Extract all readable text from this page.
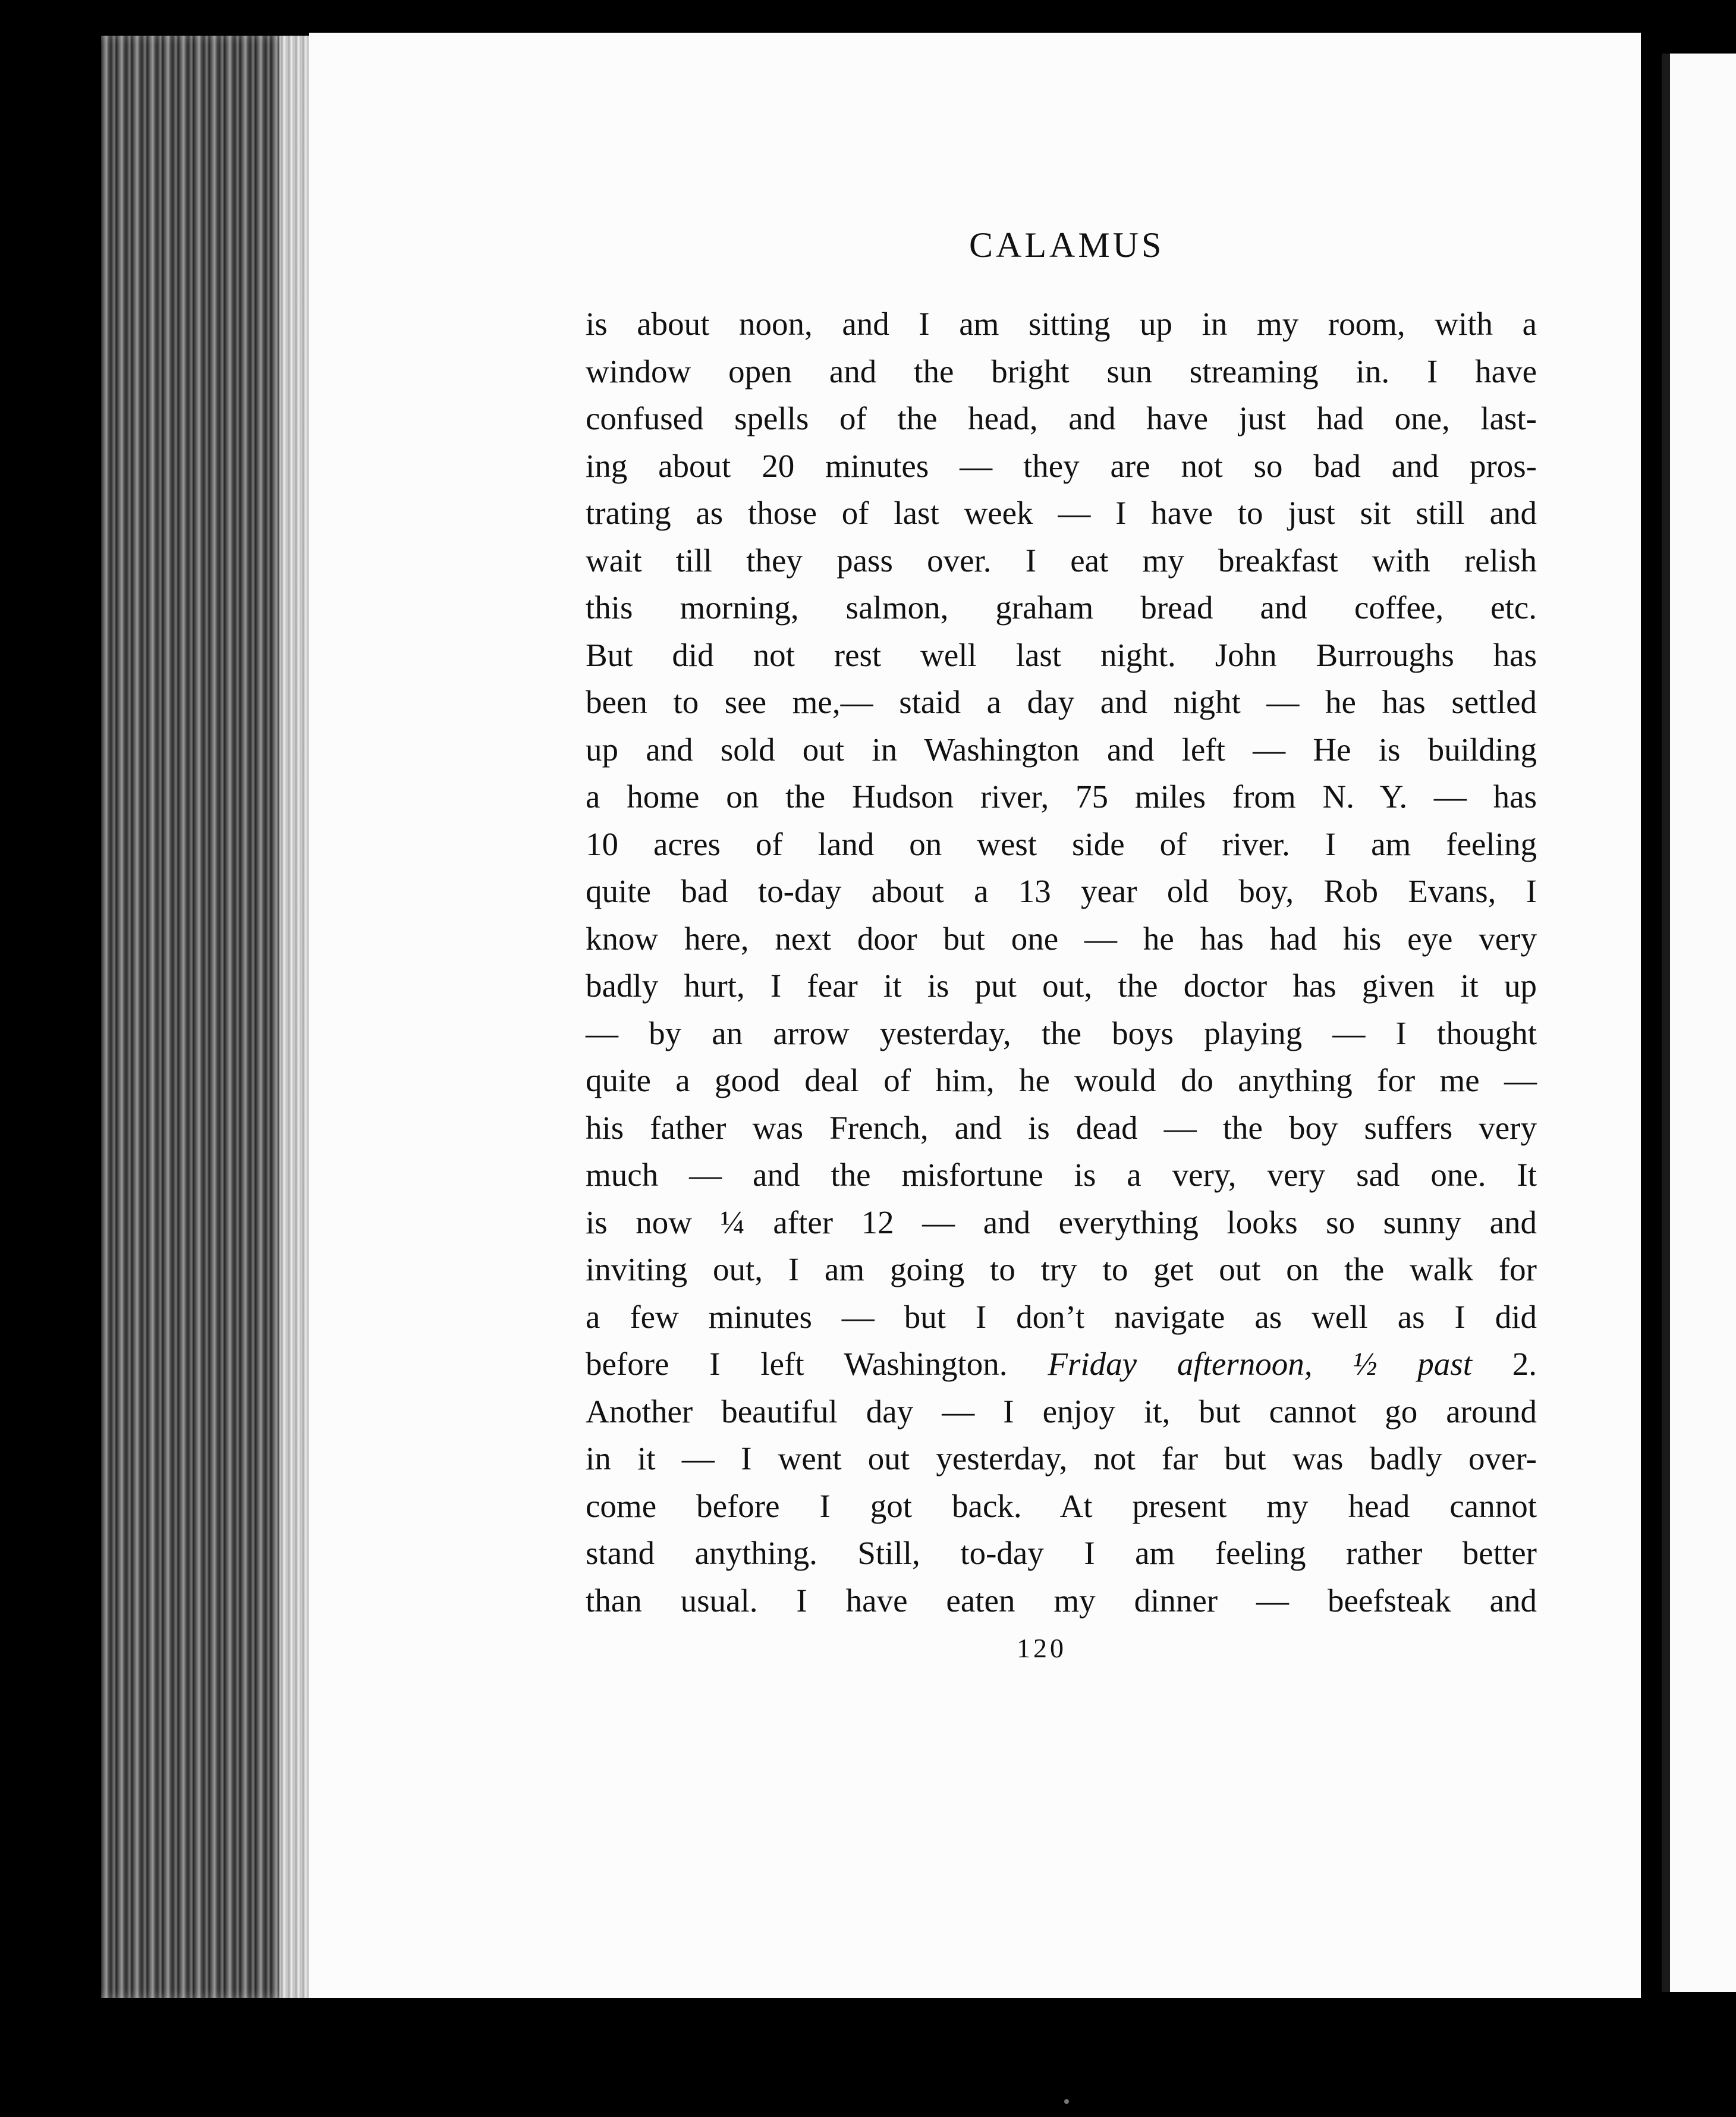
CALAMUS
is about noon, and I am sitting up in my room, with a
window open and the bright sun streaming in. I have
confused spells of the head, and have just had one, last-
ing about 20 minutes — they are not so bad and pros-
trating as those of last week — I have to just sit still and
wait till they pass over. I eat my breakfast with relish
this morning, salmon, graham bread and coffee, etc.
But did not rest well last night. John Burroughs has
been to see me,— staid a day and night — he has settled
up and sold out in Washington and left — He is building
a home on the Hudson river, 75 miles from N. Y. — has
10 acres of land on west side of river. I am feeling
quite bad to-day about a 13 year old boy, Rob Evans, I
know here, next door but one — he has had his eye very
badly hurt, I fear it is put out, the doctor has given it up
— by an arrow yesterday, the boys playing — I thought
quite a good deal of him, he would do anything for me —
his father was French, and is dead — the boy suffers very
much — and the misfortune is a very, very sad one. It
is now ¼ after 12 — and everything looks so sunny and
inviting out, I am going to try to get out on the walk for
a few minutes — but I don’t navigate as well as I did
before I left Washington. Friday afternoon, ½ past 2.
Another beautiful day — I enjoy it, but cannot go around
in it — I went out yesterday, not far but was badly over-
come before I got back. At present my head cannot
stand anything. Still, to-day I am feeling rather better
than usual. I have eaten my dinner — beefsteak and
120
